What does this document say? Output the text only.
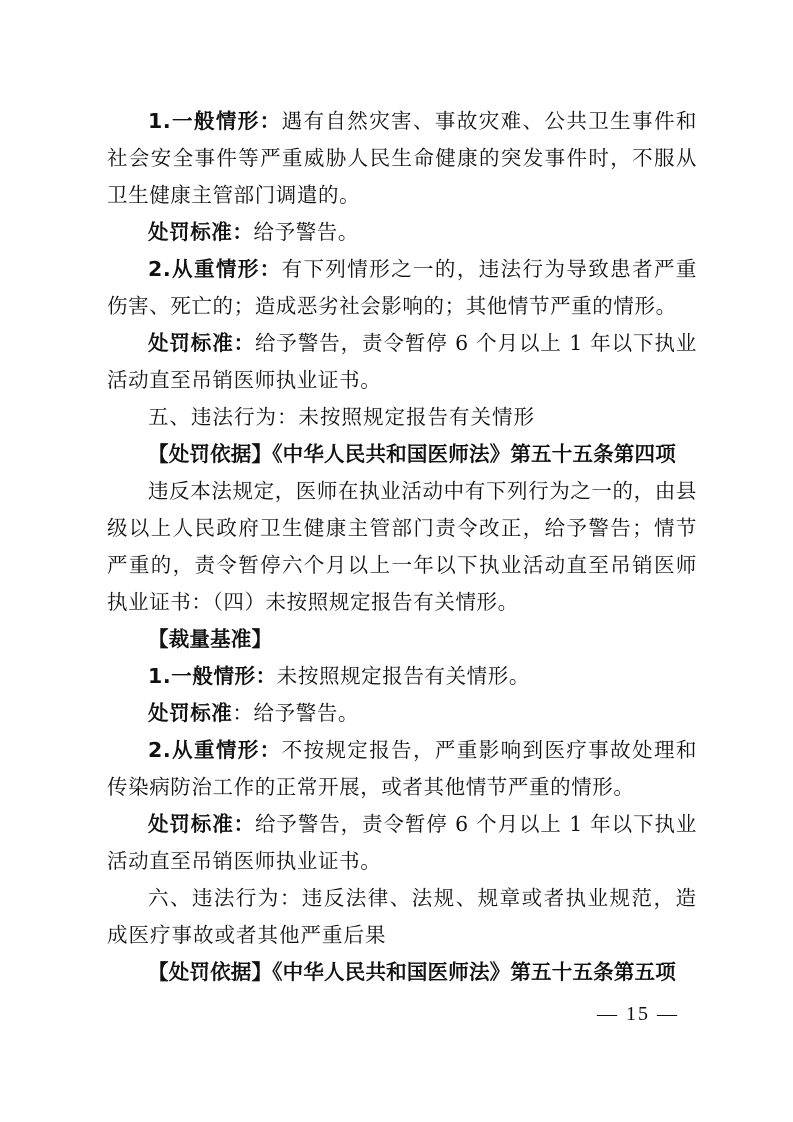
1.一般情形：遇有自然灾害、事故灾难、公共卫生事件和社会安全事件等严重威胁人民生命健康的突发事件时，不服从卫生健康主管部门调遣的。

处罚标准：给予警告。

2.从重情形：有下列情形之一的，违法行为导致患者严重伤害、死亡的；造成恶劣社会影响的；其他情节严重的情形。

处罚标准：给予警告，责令暂停 6 个月以上 1 年以下执业活动直至吊销医师执业证书。

五、违法行为：未按照规定报告有关情形

【处罚依据】《中华人民共和国医师法》第五十五条第四项

违反本法规定，医师在执业活动中有下列行为之一的，由县级以上人民政府卫生健康主管部门责令改正，给予警告；情节严重的，责令暂停六个月以上一年以下执业活动直至吊销医师执业证书：（四）未按照规定报告有关情形。

【裁量基准】

1.一般情形：未按照规定报告有关情形。

处罚标准：给予警告。

2.从重情形：不按规定报告，严重影响到医疗事故处理和传染病防治工作的正常开展，或者其他情节严重的情形。

处罚标准：给予警告，责令暂停 6 个月以上 1 年以下执业活动直至吊销医师执业证书。

六、违法行为：违反法律、法规、规章或者执业规范，造成医疗事故或者其他严重后果

【处罚依据】《中华人民共和国医师法》第五十五条第五项

— 15 —
